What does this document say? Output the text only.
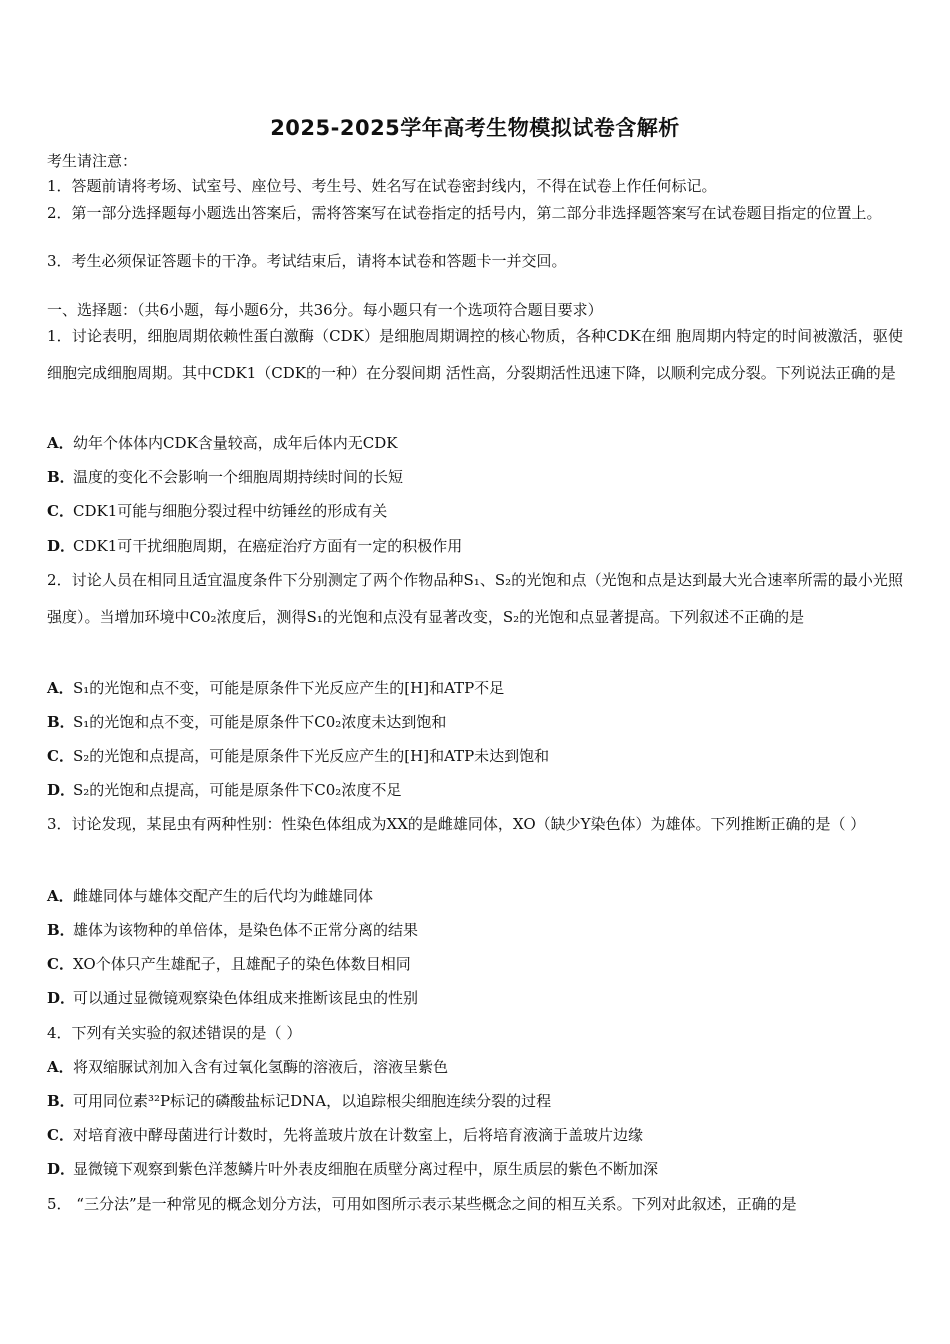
2025-2025学年高考生物模拟试卷含解析
考生请注意：
1．答题前请将考场、试室号、座位号、考生号、姓名写在试卷密封线内，不得在试卷上作任何标记。
2．第一部分选择题每小题选出答案后，需将答案写在试卷指定的括号内，第二部分非选择题答案写在试卷题目指定的位置上。
3．考生必须保证答题卡的干净。考试结束后，请将本试卷和答题卡一并交回。
一、选择题：（共6小题，每小题6分，共36分。每小题只有一个选项符合题目要求）
1．讨论表明，细胞周期依赖性蛋白激酶（CDK）是细胞周期调控的核心物质，各种CDK在细 胞周期内特定的时间被激活，驱使细胞完成细胞周期。其中CDK1（CDK的一种）在分裂间期 活性高，分裂期活性迅速下降，以顺利完成分裂。下列说法正确的是
A．幼年个体体内CDK含量较高，成年后体内无CDK
B．温度的变化不会影响一个细胞周期持续时间的长短
C．CDK1可能与细胞分裂过程中纺锤丝的形成有关
D．CDK1可干扰细胞周期，在癌症治疗方面有一定的积极作用
2．讨论人员在相同且适宜温度条件下分别测定了两个作物品种S₁、S₂的光饱和点（光饱和点是达到最大光合速率所需的最小光照强度）。当增加环境中C0₂浓度后，测得S₁的光饱和点没有显著改变，S₂的光饱和点显著提高。下列叙述不正确的是
A．S₁的光饱和点不变，可能是原条件下光反应产生的[H]和ATP不足
B．S₁的光饱和点不变，可能是原条件下C0₂浓度未达到饱和
C．S₂的光饱和点提高，可能是原条件下光反应产生的[H]和ATP未达到饱和
D．S₂的光饱和点提高，可能是原条件下C0₂浓度不足
3．讨论发现，某昆虫有两种性别：性染色体组成为XX的是雌雄同体，XO（缺少Y染色体）为雄体。下列推断正确的是（ ）
A．雌雄同体与雄体交配产生的后代均为雌雄同体
B．雄体为该物种的单倍体，是染色体不正常分离的结果
C．XO个体只产生雄配子，且雄配子的染色体数目相同
D．可以通过显微镜观察染色体组成来推断该昆虫的性别
4．下列有关实验的叙述错误的是（ ）
A．将双缩脲试剂加入含有过氧化氢酶的溶液后，溶液呈紫色
B．可用同位素³²P标记的磷酸盐标记DNA，以追踪根尖细胞连续分裂的过程
C．对培育液中酵母菌进行计数时，先将盖玻片放在计数室上，后将培育液滴于盖玻片边缘
D．显微镜下观察到紫色洋葱鳞片叶外表皮细胞在质壁分离过程中，原生质层的紫色不断加深
5． “三分法”是一种常见的概念划分方法，可用如图所示表示某些概念之间的相互关系。下列对此叙述，正确的是
